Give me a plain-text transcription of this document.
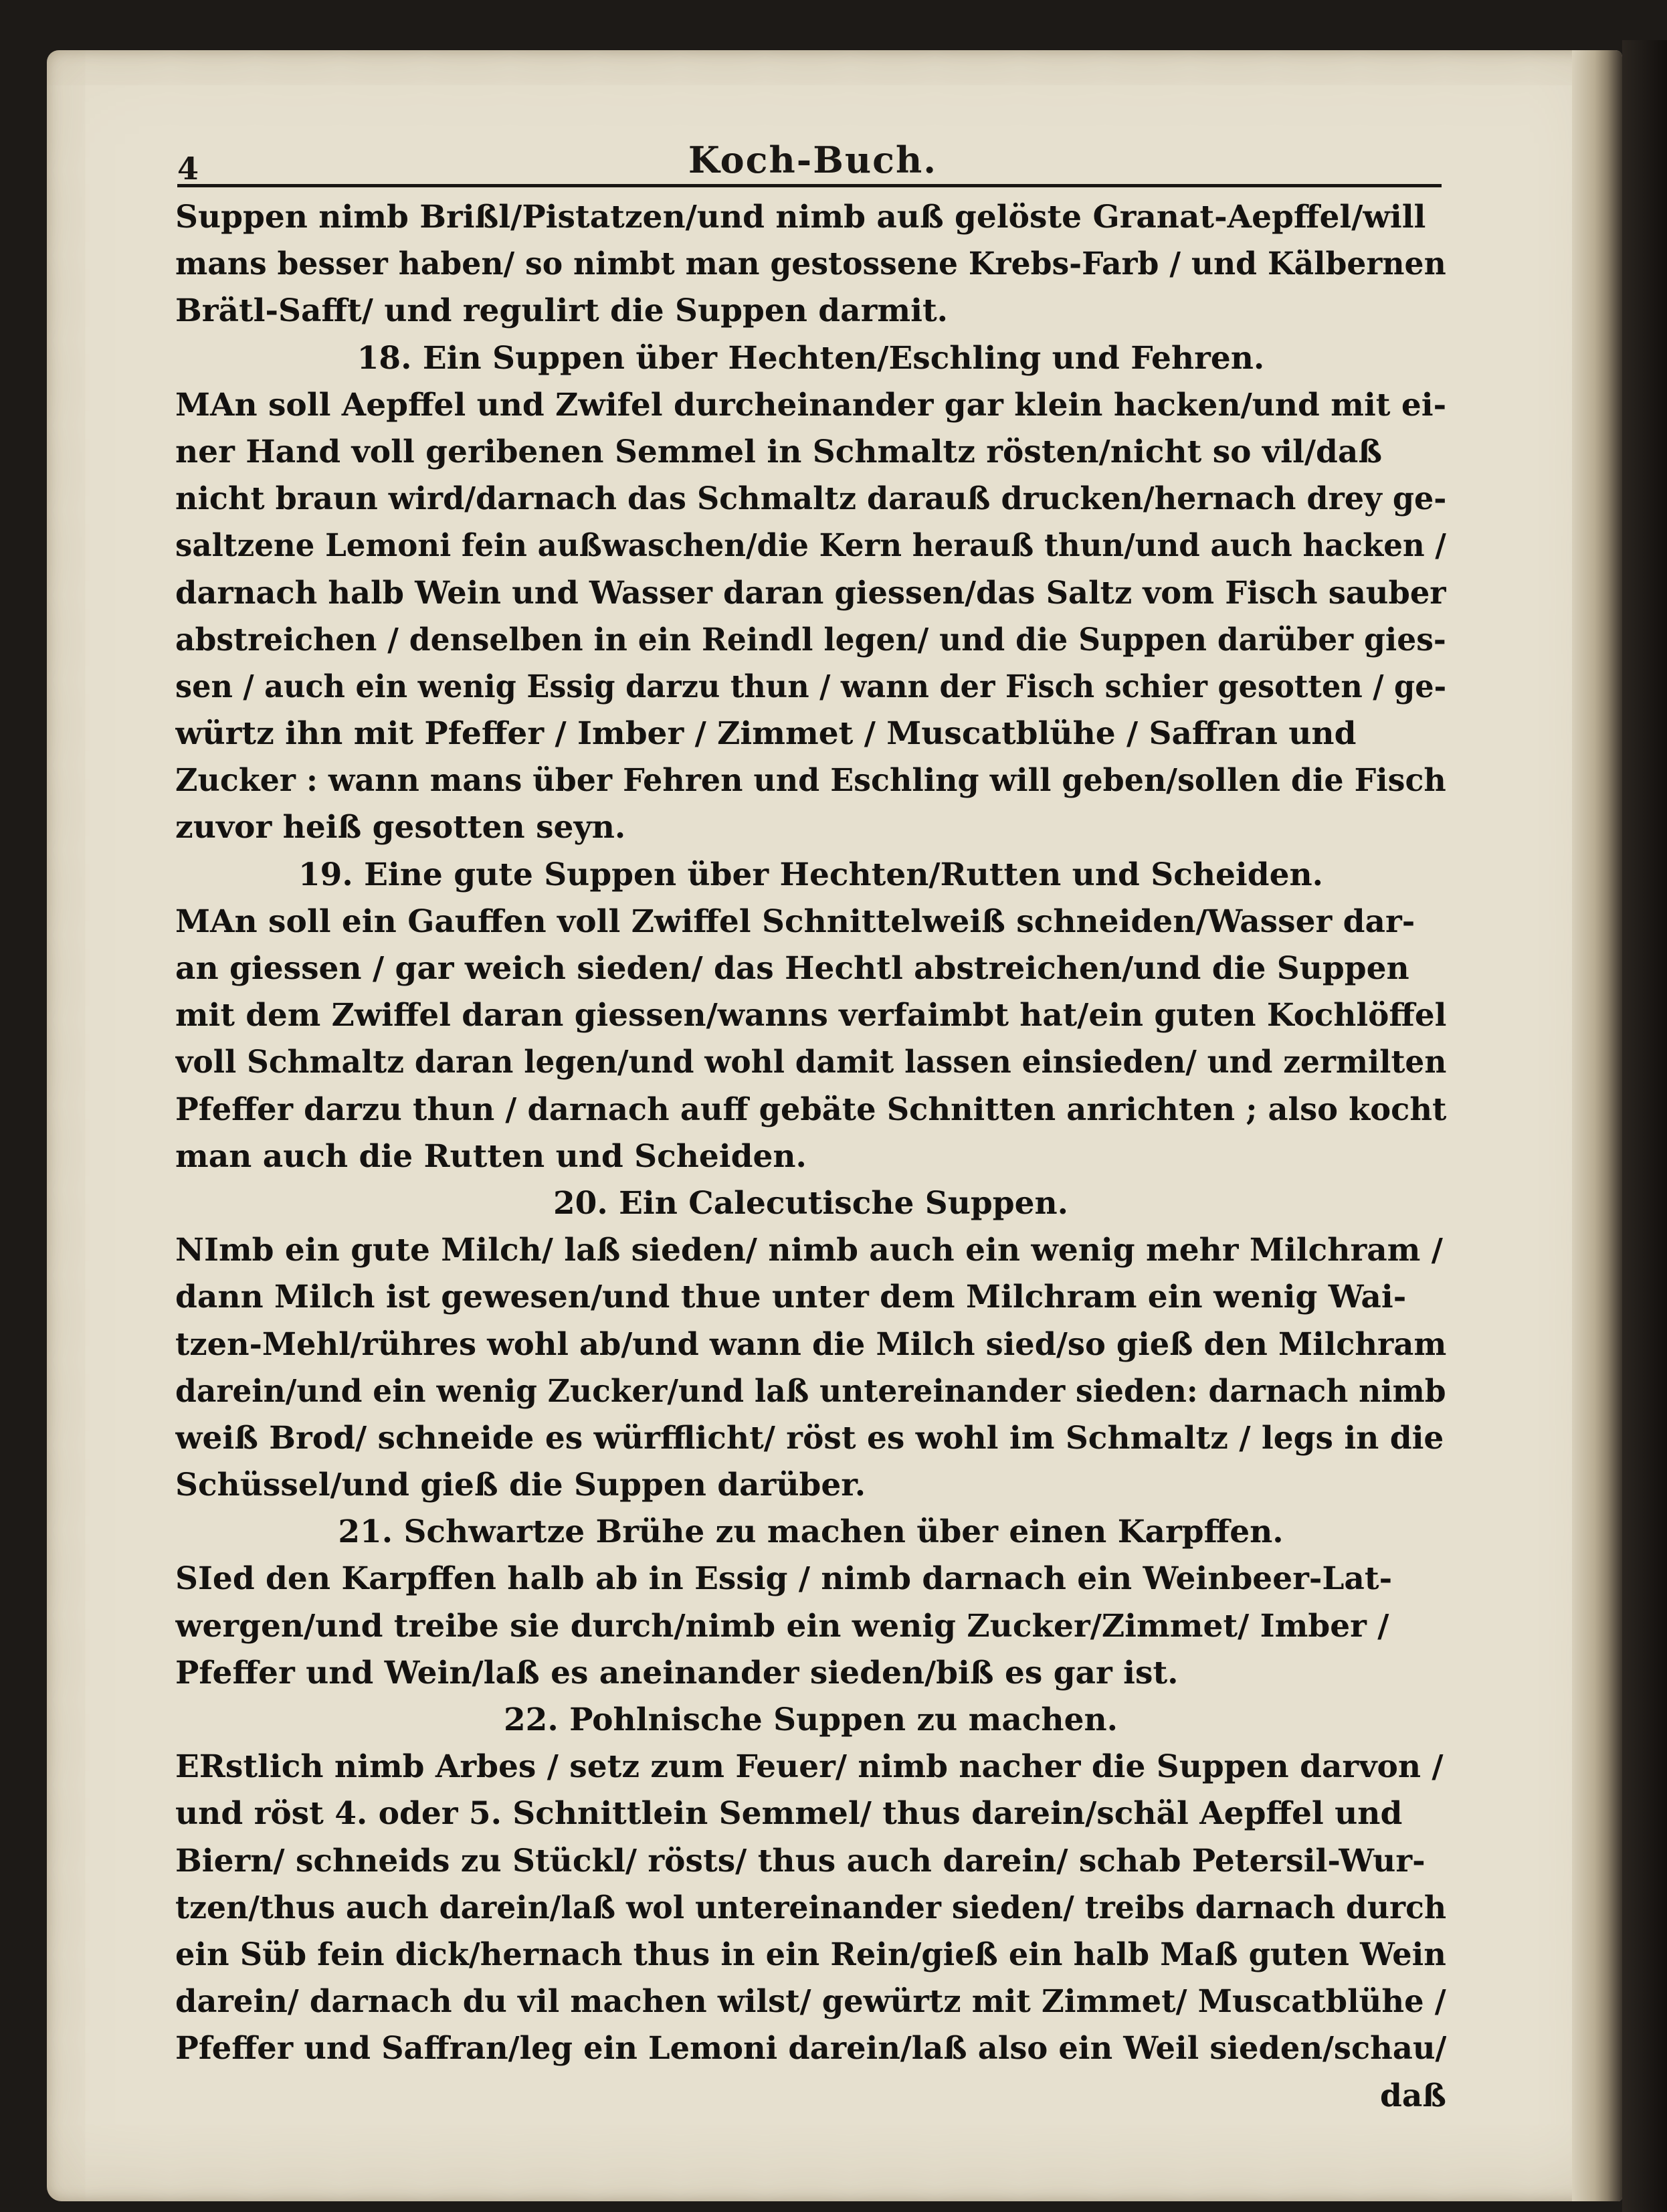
4	Koch-Buch.
Suppen nimb Brißl/Pistatzen/und nimb auß gelöste Granat-Aepffel/will
mans besser haben/ so nimbt man gestossene Krebs-Farb / und Kälbernen
Brätl-Safft/ und regulirt die Suppen darmit.
18. Ein Suppen über Hechten/Eschling und Fehren.
MAn soll Aepffel und Zwifel durcheinander gar klein hacken/und mit ei-
ner Hand voll geribenen Semmel in Schmaltz rösten/nicht so vil/daß
nicht braun wird/darnach das Schmaltz darauß drucken/hernach drey ge-
saltzene Lemoni fein außwaschen/die Kern herauß thun/und auch hacken /
darnach halb Wein und Wasser daran giessen/das Saltz vom Fisch sauber
abstreichen / denselben in ein Reindl legen/ und die Suppen darüber gies-
sen / auch ein wenig Essig darzu thun / wann der Fisch schier gesotten / ge-
würtz ihn mit Pfeffer / Imber / Zimmet / Muscatblühe / Saffran und
Zucker : wann mans über Fehren und Eschling will geben/sollen die Fisch
zuvor heiß gesotten seyn.
19. Eine gute Suppen über Hechten/Rutten und Scheiden.
MAn soll ein Gauffen voll Zwiffel Schnittelweiß schneiden/Wasser dar-
an giessen / gar weich sieden/ das Hechtl abstreichen/und die Suppen
mit dem Zwiffel daran giessen/wanns verfaimbt hat/ein guten Kochlöffel
voll Schmaltz daran legen/und wohl damit lassen einsieden/ und zermilten
Pfeffer darzu thun / darnach auff gebäte Schnitten anrichten ; also kocht
man auch die Rutten und Scheiden.
20. Ein Calecutische Suppen.
NImb ein gute Milch/ laß sieden/ nimb auch ein wenig mehr Milchram /
dann Milch ist gewesen/und thue unter dem Milchram ein wenig Wai-
tzen-Mehl/rühres wohl ab/und wann die Milch sied/so gieß den Milchram
darein/und ein wenig Zucker/und laß untereinander sieden: darnach nimb
weiß Brod/ schneide es würfflicht/ röst es wohl im Schmaltz / legs in die
Schüssel/und gieß die Suppen darüber.
21. Schwartze Brühe zu machen über einen Karpffen.
SIed den Karpffen halb ab in Essig / nimb darnach ein Weinbeer-Lat-
wergen/und treibe sie durch/nimb ein wenig Zucker/Zimmet/ Imber /
Pfeffer und Wein/laß es aneinander sieden/biß es gar ist.
22. Pohlnische Suppen zu machen.
ERstlich nimb Arbes / setz zum Feuer/ nimb nacher die Suppen darvon /
und röst 4. oder 5. Schnittlein Semmel/ thus darein/schäl Aepffel und
Biern/ schneids zu Stückl/ rösts/ thus auch darein/ schab Petersil-Wur-
tzen/thus auch darein/laß wol untereinander sieden/ treibs darnach durch
ein Süb fein dick/hernach thus in ein Rein/gieß ein halb Maß guten Wein
darein/ darnach du vil machen wilst/ gewürtz mit Zimmet/ Muscatblühe /
Pfeffer und Saffran/leg ein Lemoni darein/laß also ein Weil sieden/schau/
daß
